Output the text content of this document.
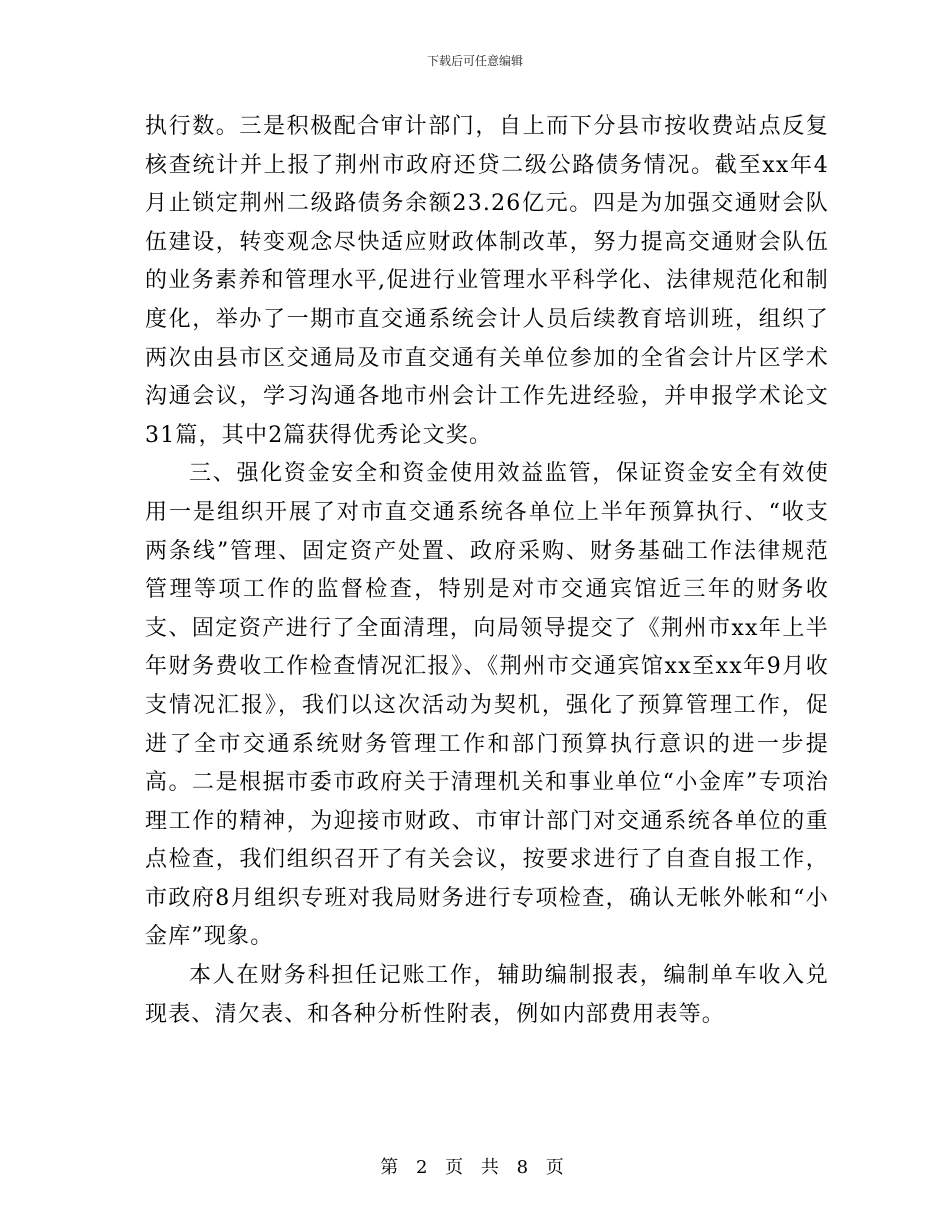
下载后可任意编辑

执行数。三是积极配合审计部门，自上而下分县市按收费站点反复核查统计并上报了荆州市政府还贷二级公路债务情况。截至xx年4月止锁定荆州二级路债务余额23.26亿元。四是为加强交通财会队伍建设，转变观念尽快适应财政体制改革，努力提高交通财会队伍的业务素养和管理水平,促进行业管理水平科学化、法律规范化和制度化，举办了一期市直交通系统会计人员后续教育培训班，组织了两次由县市区交通局及市直交通有关单位参加的全省会计片区学术沟通会议，学习沟通各地市州会计工作先进经验，并申报学术论文31篇，其中2篇获得优秀论文奖。

三、强化资金安全和资金使用效益监管，保证资金安全有效使用一是组织开展了对市直交通系统各单位上半年预算执行、“收支两条线”管理、固定资产处置、政府采购、财务基础工作法律规范管理等项工作的监督检查，特别是对市交通宾馆近三年的财务收支、固定资产进行了全面清理，向局领导提交了《荆州市xx年上半年财务费收工作检查情况汇报》、《荆州市交通宾馆xx至xx年9月收支情况汇报》，我们以这次活动为契机，强化了预算管理工作，促进了全市交通系统财务管理工作和部门预算执行意识的进一步提高。二是根据市委市政府关于清理机关和事业单位“小金库”专项治理工作的精神，为迎接市财政、市审计部门对交通系统各单位的重点检查，我们组织召开了有关会议，按要求进行了自查自报工作，市政府8月组织专班对我局财务进行专项检查，确认无帐外帐和“小金库”现象。

本人在财务科担任记账工作，辅助编制报表，编制单车收入兑现表、清欠表、和各种分析性附表，例如内部费用表等。

第 2 页 共 8 页
